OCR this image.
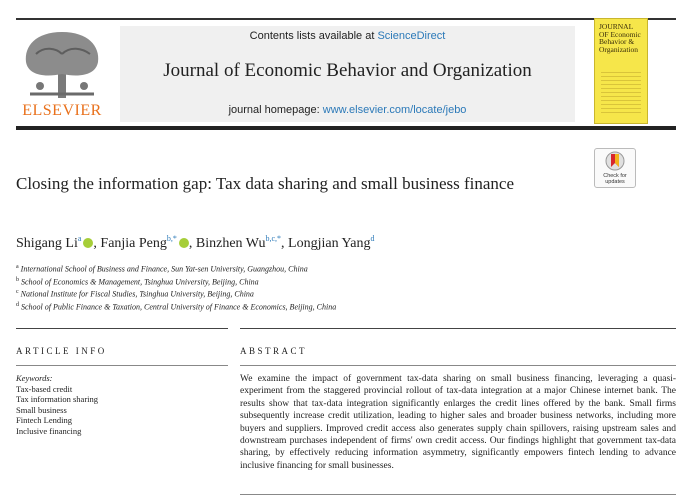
ELSEVIER
Contents lists available at ScienceDirect
Journal of Economic Behavior and Organization
journal homepage: www.elsevier.com/locate/jebo
JOURNAL OF Economic Behavior & Organization
Check for updates
Closing the information gap: Tax data sharing and small business finance
Shigang Li$^a$ , Fanjia Peng$^{b,*}$ , Binzhen $Wu^{b,c,*}$, Longjian Yang$^d$
$^a$ International School of Business and Finance, Sun Yat-sen University, Guangzhou, China
$^b$ School of Economics & Management, Tsinghua University, Beijing, China
$^c$ National Institute for Fiscal Studies, Tsinghua University, Beijing, China
$^d$ School of Public Finance & Taxation, Central University of Finance & Economics, Beijing, China
ARTICLE INFO	ABSTRACT
Keywords:
Tax-based credit
Tax information sharing
Small business
Fintech Lending
Inclusive financing

We examine the impact of government tax-data sharing on small business financing, leveraging a quasi-experiment from the staggered provincial rollout of tax-data integration at a major Chinese internet bank. The results show that tax-data integration significantly enlarges the credit lines offered by the bank. Small firms subsequently increase credit utilization, leading to higher sales and broader business networks, including more buyers and suppliers. Improved credit access also generates supply chain spillovers, raising upstream sales and downstream purchases independent of firms' own credit access. Our findings highlight that government tax-data sharing, by effectively reducing information asymmetry, significantly empowers fintech lending to advance inclusive financing for small businesses.
